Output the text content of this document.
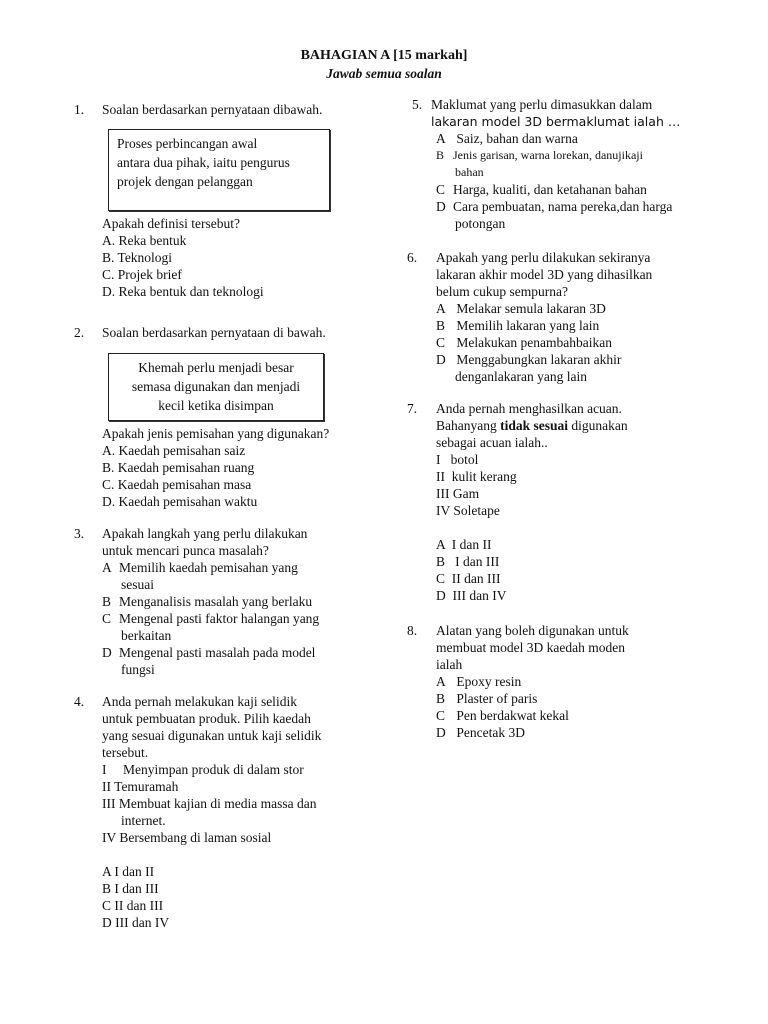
BAHAGIAN A [15 markah]
Jawab semua soalan
1. Soalan berdasarkan pernyataan dibawah.
Proses perbincangan awal
antara dua pihak, iaitu pengurus
projek dengan pelanggan
Apakah definisi tersebut?
A. Reka bentuk
B. Teknologi
C. Projek brief
D. Reka bentuk dan teknologi
2. Soalan berdasarkan pernyataan di bawah.
Khemah perlu menjadi besar
semasa digunakan dan menjadi
kecil ketika disimpan
Apakah jenis pemisahan yang digunakan?
A. Kaedah pemisahan saiz
B. Kaedah pemisahan ruang
C. Kaedah pemisahan masa
D. Kaedah pemisahan waktu
3. Apakah langkah yang perlu dilakukan
untuk mencari punca masalah?
A Memilih kaedah pemisahan yang
sesuai
B Menganalisis masalah yang berlaku
C Mengenal pasti faktor halangan yang
berkaitan
D Mengenal pasti masalah pada model
fungsi
4. Anda pernah melakukan kaji selidik
untuk pembuatan produk. Pilih kaedah
yang sesuai digunakan untuk kaji selidik
tersebut.
I Menyimpan produk di dalam stor
II Temuramah
III Membuat kajian di media massa dan
internet.
IV Bersembang di laman sosial
A I dan II
B I dan III
C II dan III
D III dan IV
5. Maklumat yang perlu dimasukkan dalam
lakaran model 3D bermaklumat ialah …
A Saiz, bahan dan warna
B Jenis garisan, warna lorekan, danujikaji
bahan
C Harga, kualiti, dan ketahanan bahan
D Cara pembuatan, nama pereka,dan harga
potongan
6. Apakah yang perlu dilakukan sekiranya
lakaran akhir model 3D yang dihasilkan
belum cukup sempurna?
A Melakar semula lakaran 3D
B Memilih lakaran yang lain
C Melakukan penambahbaikan
D Menggabungkan lakaran akhir
denganlakaran yang lain
7. Anda pernah menghasilkan acuan.
Bahanyang tidak sesuai digunakan
sebagai acuan ialah..
I   botol
II  kulit kerang
III Gam
IV Soletape
A  I dan II
B   I dan III
C  II dan III
D  III dan IV
8. Alatan yang boleh digunakan untuk
membuat model 3D kaedah moden
ialah
A Epoxy resin
B Plaster of paris
C Pen berdakwat kekal
D Pencetak 3D
